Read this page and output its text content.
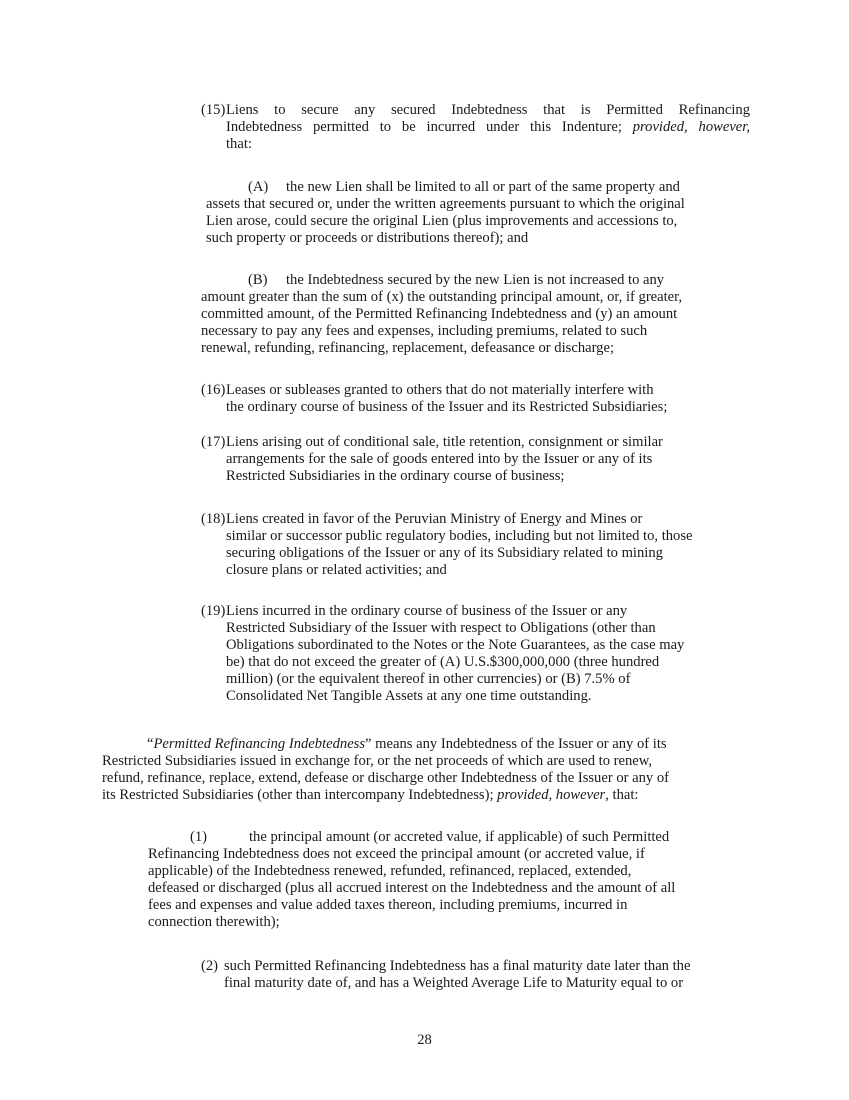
(15) Liens to secure any secured Indebtedness that is Permitted Refinancing
Indebtedness permitted to be incurred under this Indenture; provided, however,
that:
(A) the new Lien shall be limited to all or part of the same property and
assets that secured or, under the written agreements pursuant to which the original
Lien arose, could secure the original Lien (plus improvements and accessions to,
such property or proceeds or distributions thereof); and
(B) the Indebtedness secured by the new Lien is not increased to any
amount greater than the sum of (x) the outstanding principal amount, or, if greater,
committed amount, of the Permitted Refinancing Indebtedness and (y) an amount
necessary to pay any fees and expenses, including premiums, related to such
renewal, refunding, refinancing, replacement, defeasance or discharge;
(16) Leases or subleases granted to others that do not materially interfere with
the ordinary course of business of the Issuer and its Restricted Subsidiaries;
(17) Liens arising out of conditional sale, title retention, consignment or similar
arrangements for the sale of goods entered into by the Issuer or any of its
Restricted Subsidiaries in the ordinary course of business;
(18) Liens created in favor of the Peruvian Ministry of Energy and Mines or
similar or successor public regulatory bodies, including but not limited to, those
securing obligations of the Issuer or any of its Subsidiary related to mining
closure plans or related activities; and
(19) Liens incurred in the ordinary course of business of the Issuer or any
Restricted Subsidiary of the Issuer with respect to Obligations (other than
Obligations subordinated to the Notes or the Note Guarantees, as the case may
be) that do not exceed the greater of (A) U.S.$300,000,000 (three hundred
million) (or the equivalent thereof in other currencies) or (B) 7.5% of
Consolidated Net Tangible Assets at any one time outstanding.
“Permitted Refinancing Indebtedness” means any Indebtedness of the Issuer or any of its
Restricted Subsidiaries issued in exchange for, or the net proceeds of which are used to renew,
refund, refinance, replace, extend, defease or discharge other Indebtedness of the Issuer or any of
its Restricted Subsidiaries (other than intercompany Indebtedness); provided, however, that:
(1)	the principal amount (or accreted value, if applicable) of such Permitted
Refinancing Indebtedness does not exceed the principal amount (or accreted value, if
applicable) of the Indebtedness renewed, refunded, refinanced, replaced, extended,
defeased or discharged (plus all accrued interest on the Indebtedness and the amount of all
fees and expenses and value added taxes thereon, including premiums, incurred in
connection therewith);
(2) such Permitted Refinancing Indebtedness has a final maturity date later than the
final maturity date of, and has a Weighted Average Life to Maturity equal to or
28
